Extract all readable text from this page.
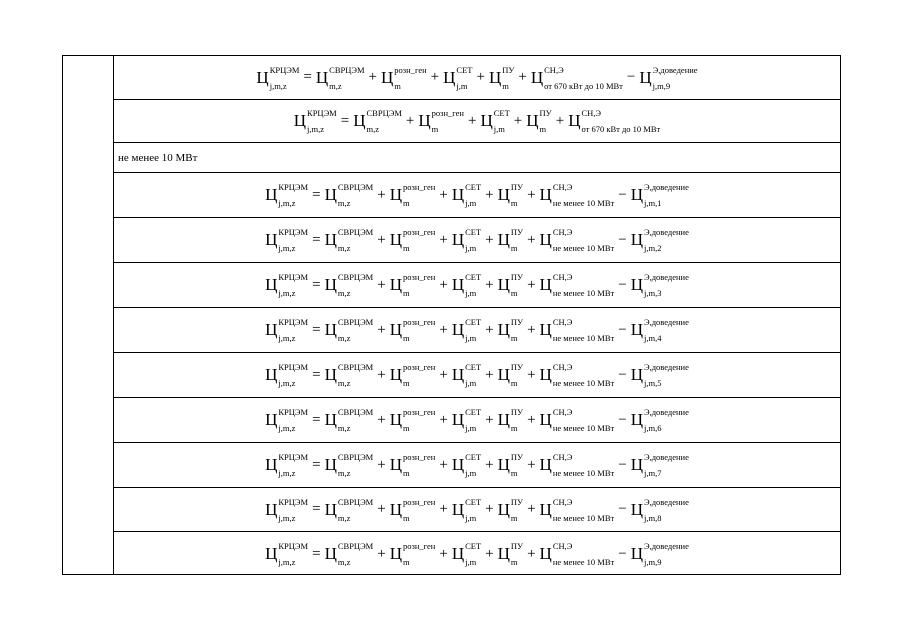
Ц КРЦЭМ
j,m,z
= Ц СВРЦЭМ
m,z
+ Ц розн_ген
m
+ Ц СЕТ
j,m
+ Ц ПУ
m
+ Ц СН,Э
от 670 кВт до 10 МВт
− Ц Э,доведение
j,m,9
Ц КРЦЭМ
j,m,z
= Ц СВРЦЭМ
m,z
+ Ц розн_ген
m
+ Ц СЕТ
j,m
+ Ц ПУ
m
+ Ц СН,Э
от 670 кВт до 10 МВт
не менее 10 МВт
Ц КРЦЭМ
j,m,z
= Ц СВРЦЭМ
m,z
+ Ц розн_ген
m
+ Ц СЕТ
j,m
+ Ц ПУ
m
+ Ц СН,Э
не менее 10 МВт
− Ц Э,доведение
j,m,1
Ц КРЦЭМ
j,m,z
= Ц СВРЦЭМ
m,z
+ Ц розн_ген
m
+ Ц СЕТ
j,m
+ Ц ПУ
m
+ Ц СН,Э
не менее 10 МВт
− Ц Э,доведение
j,m,2
Ц КРЦЭМ
j,m,z
= Ц СВРЦЭМ
m,z
+ Ц розн_ген
m
+ Ц СЕТ
j,m
+ Ц ПУ
m
+ Ц СН,Э
не менее 10 МВт
− Ц Э,доведение
j,m,3
Ц КРЦЭМ
j,m,z
= Ц СВРЦЭМ
m,z
+ Ц розн_ген
m
+ Ц СЕТ
j,m
+ Ц ПУ
m
+ Ц СН,Э
не менее 10 МВт
− Ц Э,доведение
j,m,4
Ц КРЦЭМ
j,m,z
= Ц СВРЦЭМ
m,z
+ Ц розн_ген
m
+ Ц СЕТ
j,m
+ Ц ПУ
m
+ Ц СН,Э
не менее 10 МВт
− Ц Э,доведение
j,m,5
Ц КРЦЭМ
j,m,z
= Ц СВРЦЭМ
m,z
+ Ц розн_ген
m
+ Ц СЕТ
j,m
+ Ц ПУ
m
+ Ц СН,Э
не менее 10 МВт
− Ц Э,доведение
j,m,6
Ц КРЦЭМ
j,m,z
= Ц СВРЦЭМ
m,z
+ Ц розн_ген
m
+ Ц СЕТ
j,m
+ Ц ПУ
m
+ Ц СН,Э
не менее 10 МВт
− Ц Э,доведение
j,m,7
Ц КРЦЭМ
j,m,z
= Ц СВРЦЭМ
m,z
+ Ц розн_ген
m
+ Ц СЕТ
j,m
+ Ц ПУ
m
+ Ц СН,Э
не менее 10 МВт
− Ц Э,доведение
j,m,8
Ц КРЦЭМ
j,m,z
= Ц СВРЦЭМ
m,z
+ Ц розн_ген
m
+ Ц СЕТ
j,m
+ Ц ПУ
m
+ Ц СН,Э
не менее 10 МВт
− Ц Э,доведение
j,m,9
